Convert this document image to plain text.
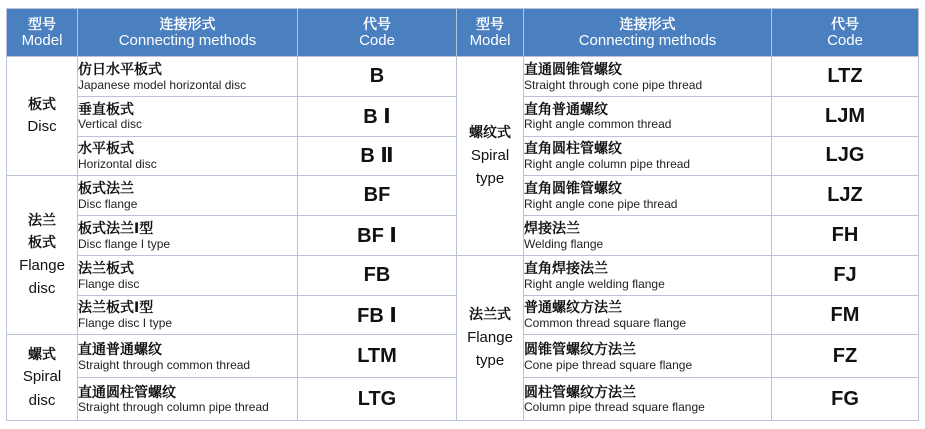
型号
Model	连接形式
Connecting methods	代号
Code	型号
Model	连接形式
Connecting methods	代号
Code

板式
Disc	仿日水平板式
Japanese model horizontal disc	B	螺纹式
Spiral
type	直通圆锥管螺纹
Straight through cone pipe thread	LTZ

	垂直板式
Vertical disc	B Ⅰ		直角普通螺纹
Right angle common thread	LJM

	水平板式
Horizontal disc	B Ⅱ		直角圆柱管螺纹
Right angle column pipe thread	LJG

法兰
板式
Flange
disc	板式法兰
Disc flange	BF		直角圆锥管螺纹
Right angle cone pipe thread	LJZ

	板式法兰Ⅰ型
Disc flange I type	BF Ⅰ		焊接法兰
Welding flange	FH

	法兰板式
Flange disc	FB	法兰式
Flange
type	直角焊接法兰
Right angle welding flange	FJ

	法兰板式Ⅰ型
Flange disc I type	FB Ⅰ		普通螺纹方法兰
Common thread square flange	FM

螺式
Spiral
disc	直通普通螺纹
Straight through common thread	LTM		圆锥管螺纹方法兰
Cone pipe thread square flange	FZ

	直通圆柱管螺纹
Straight through column pipe thread	LTG		圆柱管螺纹方法兰
Column pipe thread square flange	FG
